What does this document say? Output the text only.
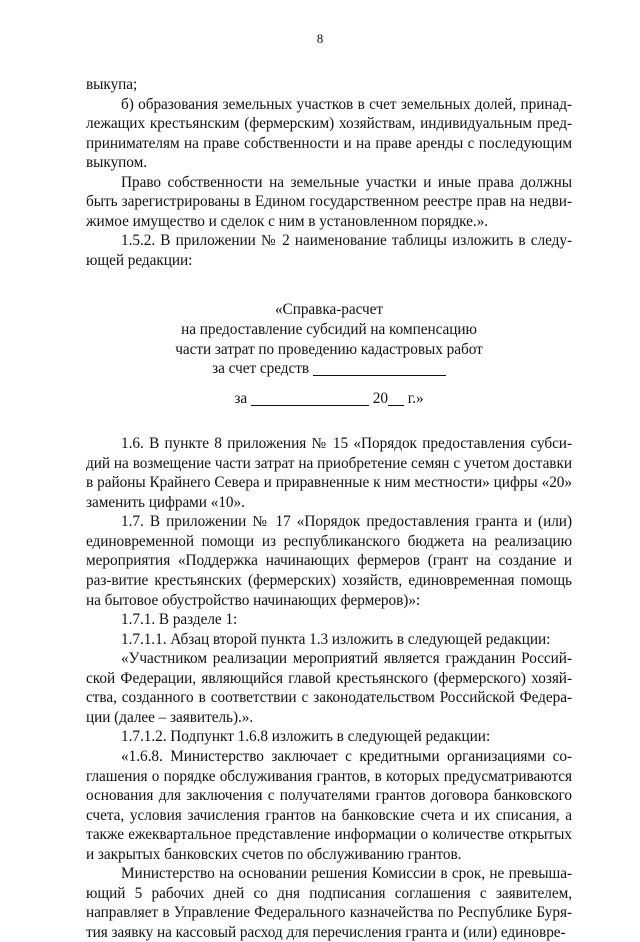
8

выкупа;

б) образования земельных участков в счет земельных долей, принад-лежащих крестьянским (фермерским) хозяйствам, индивидуальным пред-принимателям на праве собственности и на праве аренды с последующим выкупом.

Право собственности на земельные участки и иные права должны быть зарегистрированы в Едином государственном реестре прав на недви-жимое имущество и сделок с ним в установленном порядке.».

1.5.2. В приложении № 2 наименование таблицы изложить в следу-ющей редакции:

«Справка-расчет
на предоставление субсидий на компенсацию
части затрат по проведению кадастровых работ
за счет средств
за	20 г.»

1.6. В пункте 8 приложения № 15 «Порядок предоставления субси-дий на возмещение части затрат на приобретение семян с учетом доставки в районы Крайнего Севера и приравненные к ним местности» цифры «20» заменить цифрами «10».

1.7. В приложении № 17 «Порядок предоставления гранта и (или) единовременной помощи из республиканского бюджета на реализацию мероприятия «Поддержка начинающих фермеров (грант на создание и раз-витие крестьянских (фермерских) хозяйств, единовременная помощь на бытовое обустройство начинающих фермеров)»:

1.7.1. В разделе 1:

1.7.1.1. Абзац второй пункта 1.3 изложить в следующей редакции:

«Участником реализации мероприятий является гражданин Россий-ской Федерации, являющийся главой крестьянского (фермерского) хозяй-ства, созданного в соответствии с законодательством Российской Федера-ции (далее – заявитель).».

1.7.1.2. Подпункт 1.6.8 изложить в следующей редакции:

«1.6.8. Министерство заключает с кредитными организациями со-глашения о порядке обслуживания грантов, в которых предусматриваются основания для заключения с получателями грантов договора банковского счета, условия зачисления грантов на банковские счета и их списания, а также ежеквартальное представление информации о количестве открытых и закрытых банковских счетов по обслуживанию грантов.

Министерство на основании решения Комиссии в срок, не превыша-ющий 5 рабочих дней со дня подписания соглашения с заявителем, направляет в Управление Федерального казначейства по Республике Буря-тия заявку на кассовый расход для перечисления гранта и (или) единовре-
